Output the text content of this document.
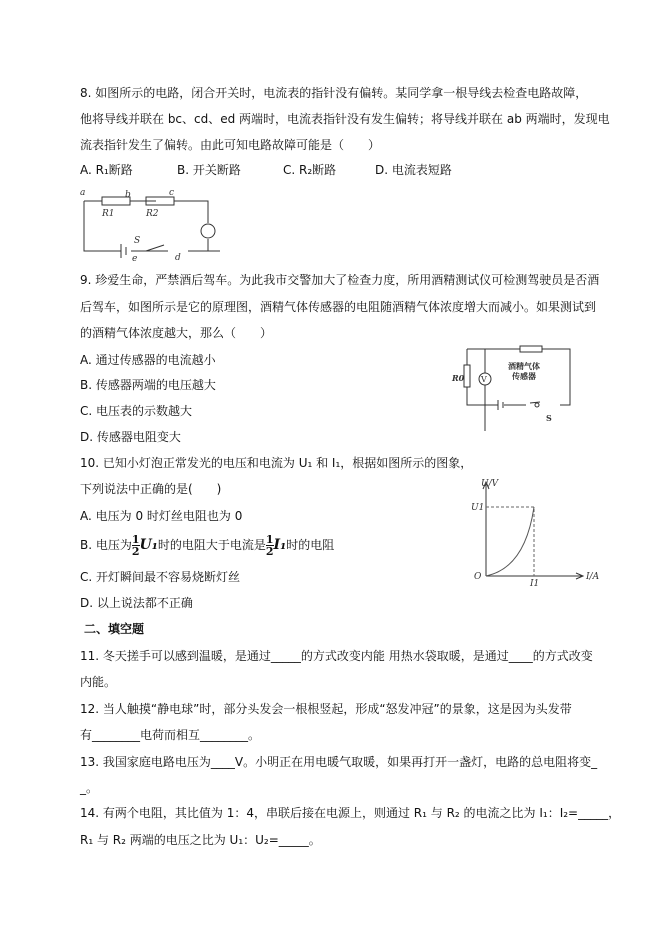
8. 如图所示的电路，闭合开关时，电流表的指针没有偏转。某同学拿一根导线去检查电路故障，
他将导线并联在 bc、cd、ed 两端时，电流表指针没有发生偏转；将导线并联在 ab 两端时，发现电
流表指针发生了偏转。由此可知电路故障可能是（　　）
A. R₁断路	B. 开关断路	C. R₂断路	D. 电流表短路
a	b	c
d
e
R1	R2
S
9. 珍爱生命，严禁酒后驾车。为此我市交警加大了检查力度，所用酒精测试仪可检测驾驶员是否酒
后驾车，如图所示是它的原理图，酒精气体传感器的电阻随酒精气体浓度增大而减小。如果测试到
的酒精气体浓度越大，那么（　　）
A. 通过传感器的电流越小
B. 传感器两端的电压越大
C. 电压表的示数越大
D. 传感器电阻变大
R0 V
酒精气体
传感器
S
10. 已知小灯泡正常发光的电压和电流为 U₁ 和 I₁，根据如图所示的图象，
下列说法中正确的是(　　)
A. 电压为 0 时灯丝电阻也为 0
B. 电压为 $\frac{1}{2} U_1$时的电阻大于电流是 $\frac{1}{2} I_1$时的电阻
C. 开灯瞬间最不容易烧断灯丝
D. 以上说法都不正确
U/V
I/A
O
U1
I1
二、填空题
11. 冬天搓手可以感到温暖，是通过_____的方式改变内能 用热水袋取暖，是通过____的方式改变
内能。
12. 当人触摸“静电球”时，部分头发会一根根竖起，形成“怒发冲冠”的景象，这是因为头发带
有________电荷而相互________。
13. 我国家庭电路电压为____V。小明正在用电暖气取暖，如果再打开一盏灯，电路的总电阻将变_
_。
14. 有两个电阻，其比值为 1：4，串联后接在电源上，则通过 R₁ 与 R₂ 的电流之比为 I₁：I₂=_____，
R₁ 与 R₂ 两端的电压之比为 U₁：U₂=_____。
